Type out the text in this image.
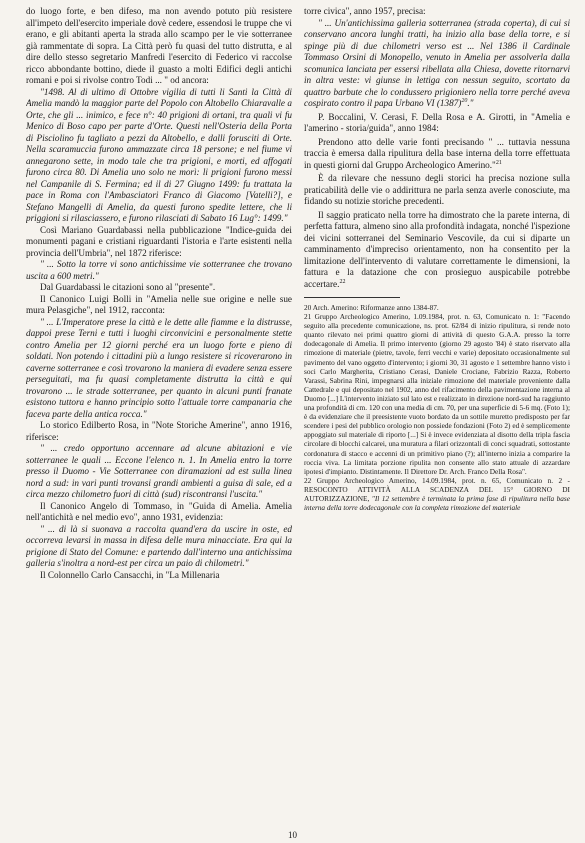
do luogo forte, e ben difeso, ma non avendo potuto più resistere all'impeto dell'esercito imperiale dovè cedere, essendosi le truppe che vi erano, e gli abitanti aperta la strada allo scampo per le vie sotterranee già rammentate di sopra. La Città però fu quasi del tutto distrutta, e al dire dello stesso segretario Manfredi l'esercito di Federico vi raccolse ricco abbondante bottino, diede il guasto a molti Edifici degli antichi romani e poi si rivolse contro Todi ... " od ancora:

"1498. Al di ultimo di Ottobre vigilia di tutti li Santi la Città di Amelia mandò la maggior parte del Popolo con Altobello Chiaravalle a Orte, che gli ... inimico, e fece n°: 40 prigioni di ortani, tra quali vi fu Menico di Boso capo per parte d'Orte. Questi nell'Osteria della Porta di Pisciolino fu tagliato a pezzi da Altobello, e dalli forusciti di Orte. Nella scaramuccia furono ammazzate circa 18 persone; e nel fiume vi annegarono sette, in modo tale che tra prigioni, e morti, ed affogati furono circa 80. Di Amelia uno solo ne morì: li prigioni furono messi nel Campanile di S. Fermina; ed il di 27 Giugno 1499: fu trattata la pace in Roma con l'Ambasciatori Franco di Giacomo [Vatelli?], e Stefano Mangelli di Amelia, da questi furono spedite lettere, che li priggioni si rilasciassero, e furono rilasciati di Sabato 16 Lug°: 1499."

Così Mariano Guardabassi nella pubblicazione "Indice-guida dei monumenti pagani e cristiani riguardanti l'istoria e l'arte esistenti nella provincia dell'Umbria", nel 1872 riferisce:

" ... Sotto la torre vi sono antichissime vie sotterranee che trovano uscita a 600 metri."

Dal Guardabassi le citazioni sono al "presente".

Il Canonico Luigi Bolli in "Amelia nelle sue origine e nelle sue mura Pelasgiche", nel 1912, racconta:

" ... L'Imperatore prese la città e le dette alle fiamme e la distrusse, dappoi prese Terni e tutti i luoghi circonvicini e personalmente stette contro Amelia per 12 giorni perché era un luogo forte e pieno di soldati. Non potendo i cittadini più a lungo resistere si ricoverarono in caverne sotterranee e così trovarono la maniera di evadere senza essere perseguitati, ma fu quasi completamente distrutta la città e qui trovarono ... le strade sotterranee, per quanto in alcuni punti franate esistono tuttora e hanno principio sotto l'attuale torre campanaria che faceva parte della antica rocca."

Lo storico Edilberto Rosa, in "Note Storiche Amerine", anno 1916, riferisce:

" ... credo opportuno accennare ad alcune abitazioni e vie sotterranee le quali ... Eccone l'elenco n. 1. In Amelia entro la torre presso il Duomo - Vie Sotterranee con diramazioni ad est sulla linea nord a sud: in vari punti trovansi grandi ambienti a guisa di sale, ed a circa mezzo chilometro fuori di città (sud) riscontransi l'uscita."

Il Canonico Angelo di Tommaso, in "Guida di Amelia. Amelia nell'antichità e nel medio evo", anno 1931, evidenzia:

" ... di là si suonava a raccolta quand'era da uscire in oste, ed occorreva levarsi in massa in difesa delle mura minacciate. Era qui la prigione di Stato del Comune: e partendo dall'interno una antichissima galleria s'inoltra a nord-est per circa un paio di chilometri."

Il Colonnello Carlo Cansacchi, in "La Millenaria

torre civica", anno 1957, precisa:

" ... Un'antichissima galleria sotterranea (strada coperta), di cui si conservano ancora lunghi tratti, ha inizio alla base della torre, e si spinge più di due chilometri verso est ... Nel 1386 il Cardinale Tommaso Orsini di Monopello, venuto in Amelia per assolverla dalla scomunica lanciata per essersi ribellata alla Chiesa, dovette ritornarvi in altra veste: vi giunse in lettiga con nessun seguito, scortato da quattro barbute che lo condussero prigioniero nella torre perché aveva cospirato contro il papa Urbano VI $(1387)^{20}$."

P. Boccalini, V. Cerasi, F. Della Rosa e A. Girotti, in "Amelia e l'amerino - storia/guida", anno 1984:

Prendono atto delle varie fonti precisando " ... tuttavia nessuna traccia è emersa dalla ripulitura della base interna della torre effettuata in questi giorni dal Gruppo Archeologico Amerino."$^{21}$

È da rilevare che nessuno degli storici ha precisa nozione sulla praticabilità delle vie o addirittura ne parla senza averle conosciute, ma fidando su notizie storiche precedenti.

Il saggio praticato nella torre ha dimostrato che la parete interna, di perfetta fattura, almeno sino alla profondità indagata, nonché l'ispezione dei vicini sotterranei del Seminario Vescovile, da cui si diparte un camminamento d'impreciso orientamento, non ha consentito per la limitazione dell'intervento di valutare correttamente le dimensioni, la fattura e la datazione che con prosieguo auspicabile potrebbe accertare.$^{22}$

20 Arch. Amerino: Riformanze anno 1384-87.

21 Gruppo Archeologico Amerino, 1.09.1984, prot. n. 63, Comunicato n. 1: "Facendo seguito alla precedente comunicazione, ns. prot. 62/84 di inizio ripulitura, si rende noto quanto rilevato nei primi quattro giorni di attività di questo G.A.A. presso la torre dodecagonale di Amelia. Il primo intervento (giorno 29 agosto '84) è stato riservato alla rimozione di materiale (pietre, tavole, ferri vecchi e varie) depositato occasionalmente sul pavimento del vano oggetto d'intervento; i giorni 30, 31 agosto e 1 settembre hanno visto i soci Carlo Margherita, Cristiano Cerasi, Daniele Crociane, Fabrizio Razza, Roberto Varassi, Sabrina Rini, impegnarsi alla iniziale rimozione del materiale proveniente dalla Cattedrale e qui depositato nel 1902, anno del rifacimento della pavimentazione interna al Duomo [...] L'intervento iniziato sul lato est e realizzato in direzione nord-sud ha raggiunto una profondità di cm. 120 con una media di cm. 70, per una superficie di 5-6 mq. (Foto 1); è da evidenziare che il preesistente vuoto bordato da un sottile muretto predisposto per far scendere i pesi del pubblico orologio non possiede fondazioni (Foto 2) ed è semplicemente appoggiato sul materiale di riporto [...] Si è invece evidenziata al disotto della tripla fascia circolare di blocchi calcarei, una muratura a filari orizzontali di conci squadrati, sottostante cordonatura di stacco e accenni di un primitivo piano (?); all'interno inizia a comparire la roccia viva. La limitata porzione ripulita non consente allo stato attuale di azzardare ipotesi d'impianto. Distintamente. Il Direttore Dr. Arch. Franco Della Rosa".

22 Gruppo Archeologico Amerino, 14.09.1984, prot. n. 65, Comunicato n. 2 - RESOCONTO ATTIVITÀ ALLA SCADENZA DEL 15° GIORNO DI AUTORIZZAZIONE, "Il 12 settembre è terminata la prima fase di ripulitura nella base interna della torre dodecagonale con la completa rimozione del materiale

10
